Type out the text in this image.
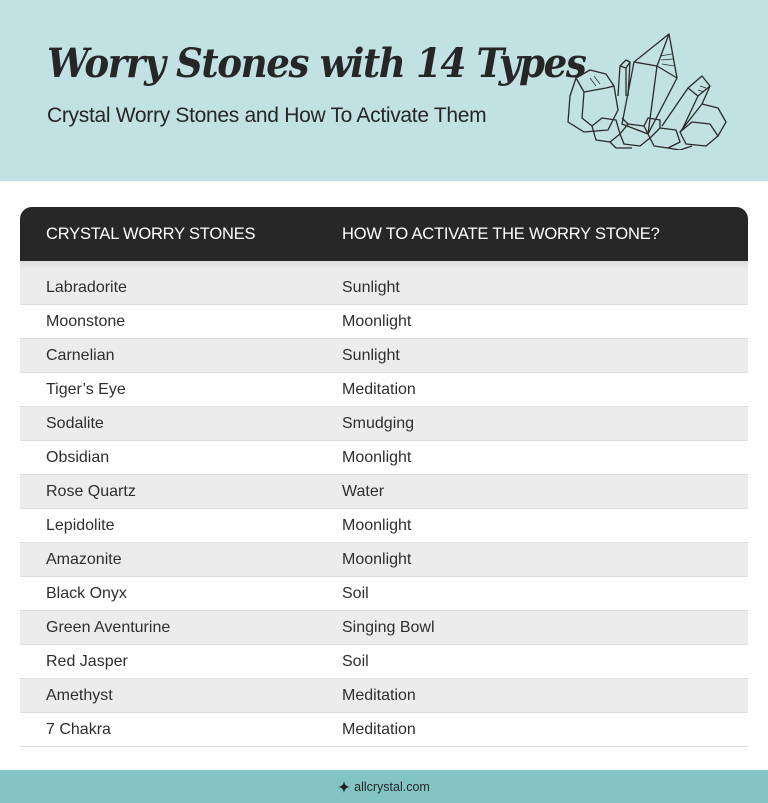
Worry Stones with 14 Types
Crystal Worry Stones and How To Activate Them
CRYSTAL WORRY STONES	HOW TO ACTIVATE THE WORRY STONE?
Labradorite	Sunlight
Moonstone	Moonlight
Carnelian	Sunlight
Tiger’s Eye	Meditation
Sodalite	Smudging
Obsidian	Moonlight
Rose Quartz	Water
Lepidolite	Moonlight
Amazonite	Moonlight
Black Onyx	Soil
Green Aventurine	Singing Bowl
Red Jasper	Soil
Amethyst	Meditation
7 Chakra	Meditation
allcrystal.com
